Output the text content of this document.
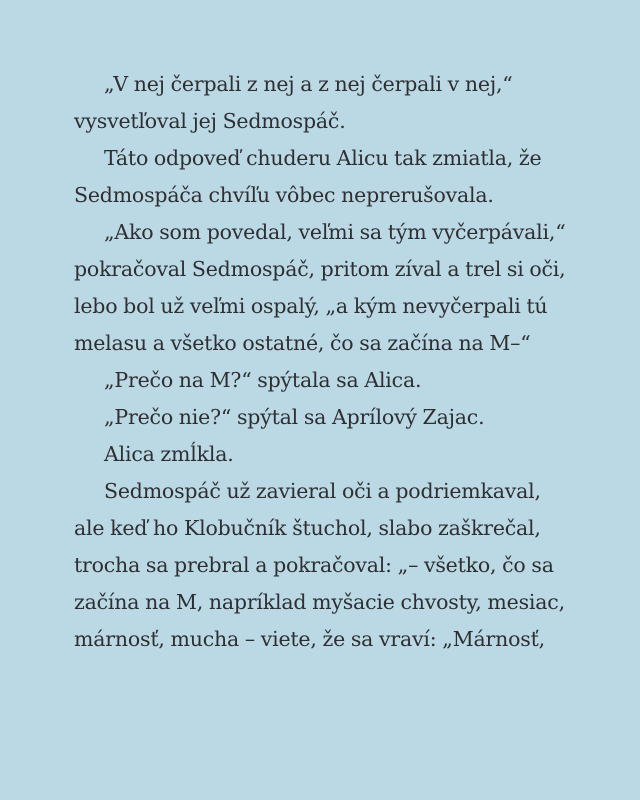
„V nej čerpali z nej a z nej čerpali v nej,“
vysvetľoval jej Sedmospáč.
Táto odpoveď chuderu Alicu tak zmiatla, že
Sedmospáča chvíľu vôbec neprerušovala.
„Ako som povedal, veľmi sa tým vyčerpávali,“
pokračoval Sedmospáč, pritom zíval a trel si oči,
lebo bol už veľmi ospalý, „a kým nevyčerpali tú
melasu a všetko ostatné, čo sa začína na M–“
„Prečo na M?“ spýtala sa Alica.
„Prečo nie?“ spýtal sa Aprílový Zajac.
Alica zmĺkla.
Sedmospáč už zavieral oči a podriemkaval,
ale keď ho Klobučník štuchol, slabo zaškrečal,
trocha sa prebral a pokračoval: „– všetko, čo sa
začína na M, napríklad myšacie chvosty, mesiac,
márnosť, mucha – viete, že sa vraví: „Márnosť,
